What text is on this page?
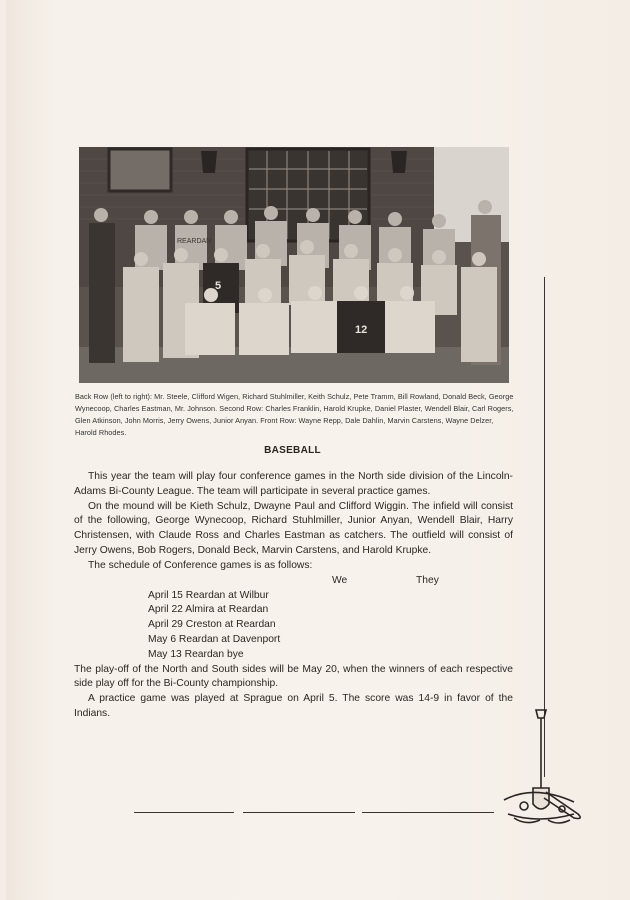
REARDAN
5
12
Back Row (left to right): Mr. Steele, Clifford Wigen, Richard Stuhlmiller, Keith Schulz, Pete Tramm, Bill Rowland, Donald Beck, George Wynecoop, Charles Eastman, Mr. Johnson. Second Row: Charles Franklin, Harold Krupke, Daniel Plaster, Wendell Blair, Carl Rogers, Glen Atkinson, John Morris, Jerry Owens, Junior Anyan. Front Row: Wayne Repp, Dale Dahlin, Marvin Carstens, Wayne Delzer, Harold Rhodes.
BASEBALL

This year the team will play four conference games in the North side division of the Lincoln-Adams Bi-County League. The team will participate in several practice games.

On the mound will be Kieth Schulz, Dwayne Paul and Clifford Wiggin. The infield will consist of the following, George Wynecoop, Richard Stuhlmiller, Junior Anyan, Wendell Blair, Harry Christensen, with Claude Ross and Charles Eastman as catchers. The outfield will consist of Jerry Owens, Bob Rogers, Donald Beck, Marvin Carstens, and Harold Krupke.

The schedule of Conference games is as follows:

We	They
April 15 Reardan at Wilbur
April 22 Almira at Reardan
April 29 Creston at Reardan
May 6 Reardan at Davenport
May 13 Reardan bye

The play-off of the North and South sides will be May 20, when the winners of each respective side play off for the Bi-County championship.

A practice game was played at Sprague on April 5. The score was 14-9 in favor of the Indians.
